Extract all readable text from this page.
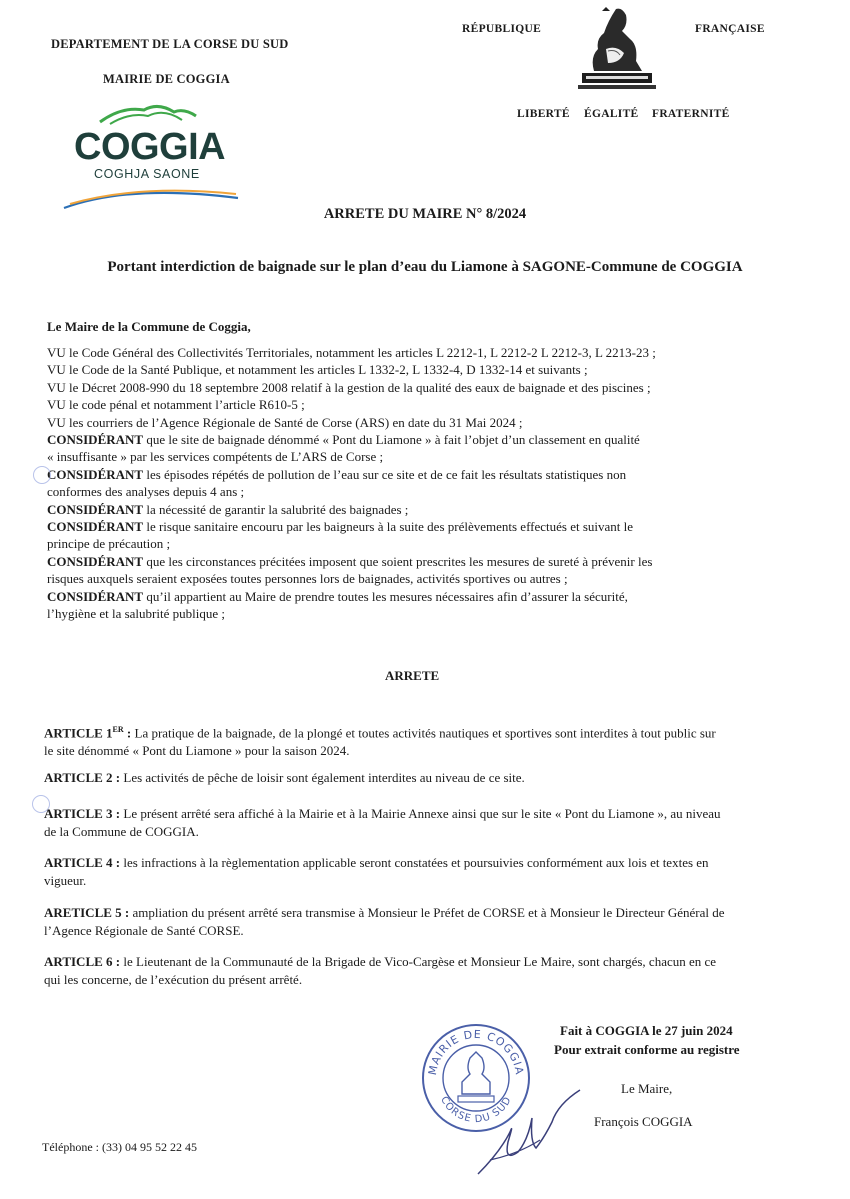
DEPARTEMENT DE LA CORSE DU SUD
MAIRIE DE COGGIA
COGGIA
COGHJA SAONE
RÉPUBLIQUE	FRANÇAISE
LIBERTÉ ÉGALITÉ FRATERNITÉ
ARRETE DU MAIRE N° 8/2024
Portant interdiction de baignade sur le plan d’eau du Liamone à SAGONE-Commune de COGGIA
Le Maire de la Commune de Coggia,
VU le Code Général des Collectivités Territoriales, notamment les articles L 2212-1, L 2212-2 L 2212-3, L 2213-23 ;
VU le Code de la Santé Publique, et notamment les articles L 1332-2, L 1332-4, D 1332-14 et suivants ;
VU le Décret 2008-990 du 18 septembre 2008 relatif à la gestion de la qualité des eaux de baignade et des piscines ;
VU le code pénal et notamment l’article R610-5 ;
VU les courriers de l’Agence Régionale de Santé de Corse (ARS) en date du 31 Mai 2024 ;
CONSIDÉRANT que le site de baignade dénommé « Pont du Liamone » à fait l’objet d’un classement en qualité
« insuffisante » par les services compétents de L’ARS de Corse ;
CONSIDÉRANT les épisodes répétés de pollution de l’eau sur ce site et de ce fait les résultats statistiques non
conformes des analyses depuis 4 ans ;
CONSIDÉRANT la nécessité de garantir la salubrité des baignades ;
CONSIDÉRANT le risque sanitaire encouru par les baigneurs à la suite des prélèvements effectués et suivant le
principe de précaution ;
CONSIDÉRANT que les circonstances précitées imposent que soient prescrites les mesures de sureté à prévenir les
risques auxquels seraient exposées toutes personnes lors de baignades, activités sportives ou autres ;
CONSIDÉRANT qu’il appartient au Maire de prendre toutes les mesures nécessaires afin d’assurer la sécurité,
l’hygiène et la salubrité publique ;
ARRETE
ARTICLE 1ER : La pratique de la baignade, de la plongé et toutes activités nautiques et sportives sont interdites à tout public sur
le site dénommé « Pont du Liamone » pour la saison 2024.
ARTICLE 2 : Les activités de pêche de loisir sont également interdites au niveau de ce site.
ARTICLE 3 : Le présent arrêté sera affiché à la Mairie et à la Mairie Annexe ainsi que sur le site « Pont du Liamone », au niveau
de la Commune de COGGIA.
ARTICLE 4 : les infractions à la règlementation applicable seront constatées et poursuivies conformément aux lois et textes en
vigueur.
ARETICLE 5 : ampliation du présent arrêté sera transmise à Monsieur le Préfet de CORSE et à Monsieur le Directeur Général de
l’Agence Régionale de Santé CORSE.
ARTICLE 6 : le Lieutenant de la Communauté de la Brigade de Vico-Cargèse et Monsieur Le Maire, sont chargés, chacun en ce
qui les concerne, de l’exécution du présent arrêté.
Fait à COGGIA le 27 juin 2024
Pour extrait conforme au registre
Le Maire,
François COGGIA
MAIRIE DE COGGIA
CORSE DU SUD
Téléphone : (33) 04 95 52 22 45
